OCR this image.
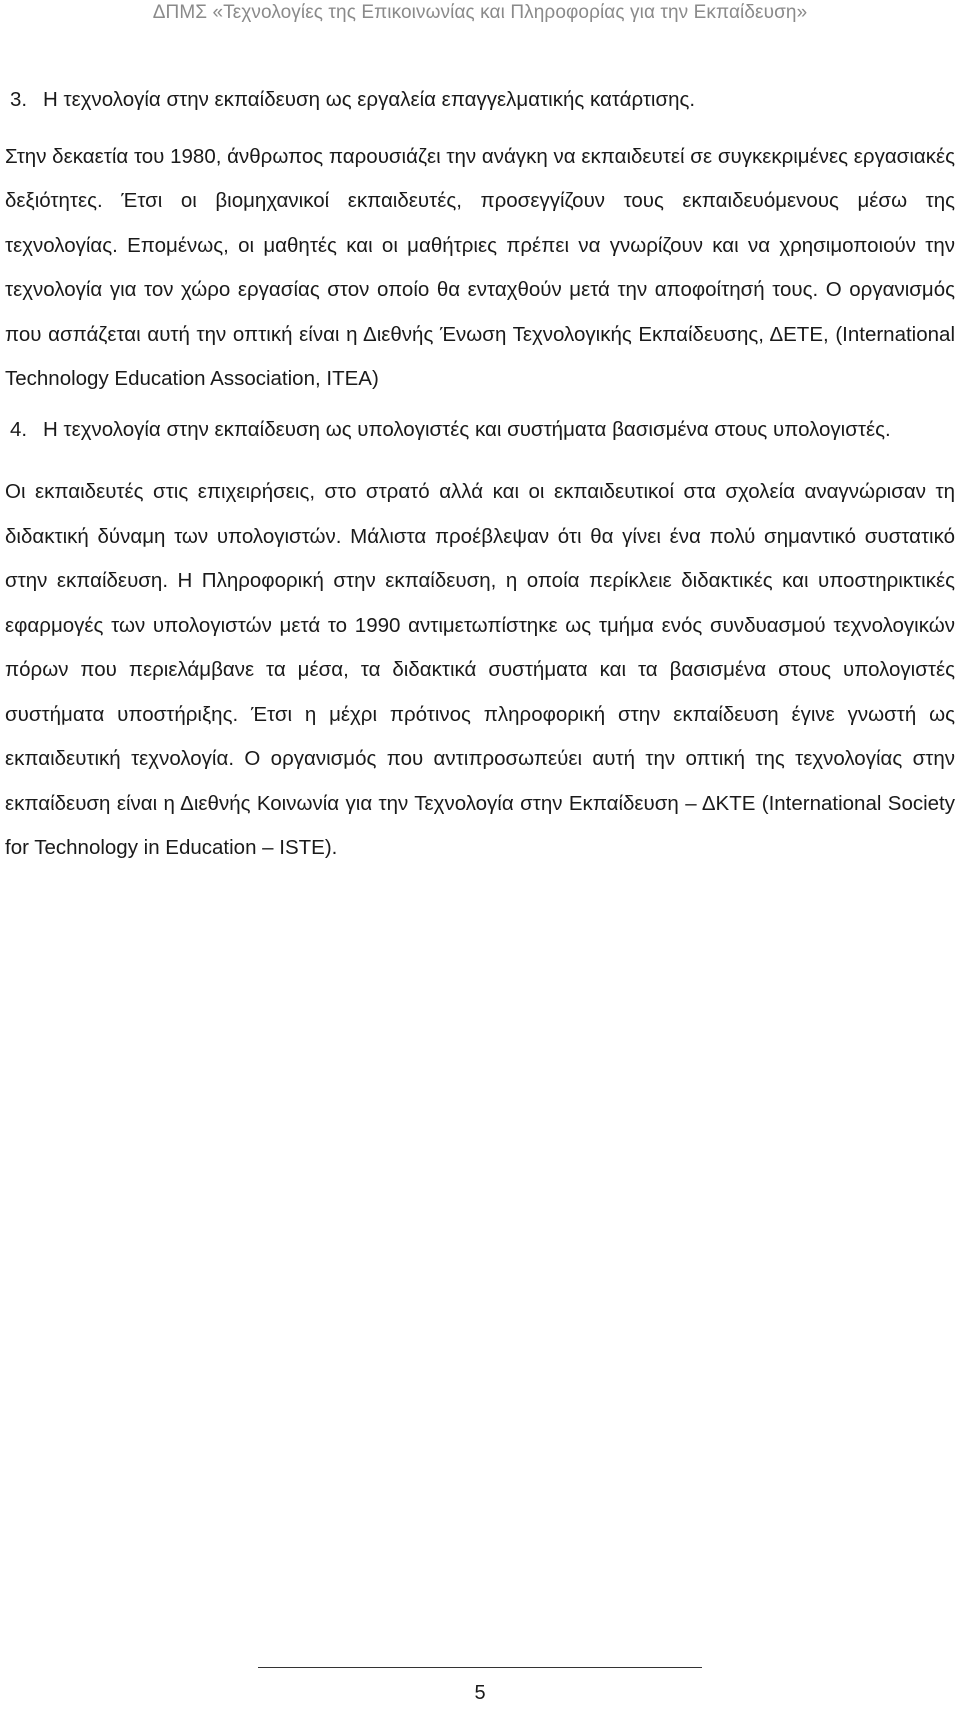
ΔΠΜΣ «Τεχνολογίες της Επικοινωνίας και Πληροφορίας για την Εκπαίδευση»
3. Η τεχνολογία στην εκπαίδευση ως εργαλεία επαγγελματικής κατάρτισης.

Στην δεκαετία του 1980, άνθρωπος παρουσιάζει την ανάγκη να εκπαιδευτεί σε συγκεκριμένες εργασιακές δεξιότητες. Έτσι οι βιομηχανικοί εκπαιδευτές, προσεγγίζουν τους εκπαιδευόμενους μέσω της τεχνολογίας. Επομένως, οι μαθητές και οι μαθήτριες πρέπει να γνωρίζουν και να χρησιμοποιούν την τεχνολογία για τον χώρο εργασίας στον οποίο θα ενταχθούν μετά την αποφοίτησή τους. Ο οργανισμός που ασπάζεται αυτή την οπτική είναι η Διεθνής Ένωση Τεχνολογικής Εκπαίδευσης, ΔΕΤΕ, (International Technology Education Association, ITEA)

4. Η τεχνολογία στην εκπαίδευση ως υπολογιστές και συστήματα βασισμένα στους υπολογιστές.

Οι εκπαιδευτές στις επιχειρήσεις, στο στρατό αλλά και οι εκπαιδευτικοί στα σχολεία αναγνώρισαν τη διδακτική δύναμη των υπολογιστών. Μάλιστα προέβλεψαν ότι θα γίνει ένα πολύ σημαντικό συστατικό στην εκπαίδευση. Η Πληροφορική στην εκπαίδευση, η οποία περίκλειε διδακτικές και υποστηρικτικές εφαρμογές των υπολογιστών μετά το 1990 αντιμετωπίστηκε ως τμήμα ενός συνδυασμού τεχνολογικών πόρων που περιελάμβανε τα μέσα, τα διδακτικά συστήματα και τα βασισμένα στους υπολογιστές συστήματα υποστήριξης. Έτσι η μέχρι πρότινος πληροφορική στην εκπαίδευση έγινε γνωστή ως εκπαιδευτική τεχνολογία. Ο οργανισμός που αντιπροσωπεύει αυτή την οπτική της τεχνολογίας στην εκπαίδευση είναι η Διεθνής Κοινωνία για την Τεχνολογία στην Εκπαίδευση – ΔΚΤΕ (International Society for Technology in Education – ISTE).

5
